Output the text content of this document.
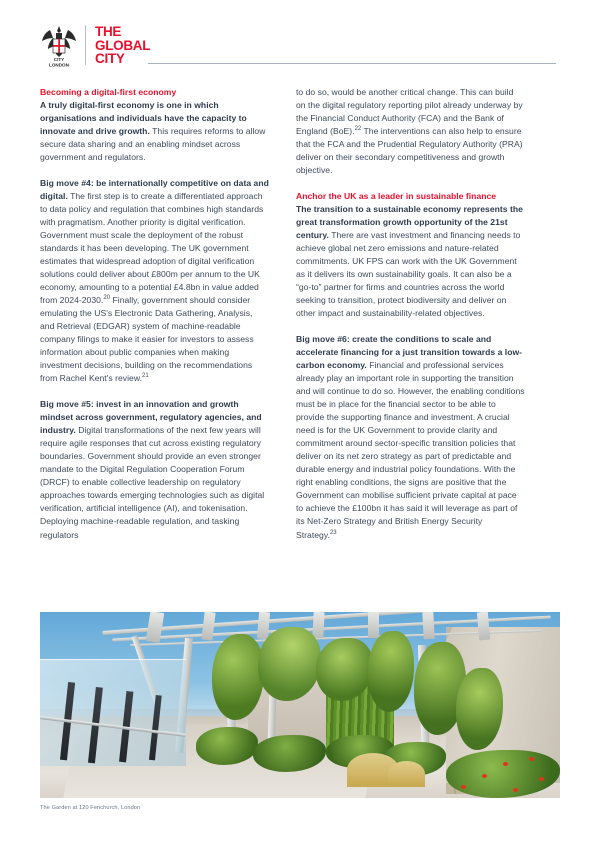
CITY
LONDON
THE
GLOBAL
CITY

Becoming a digital-first economy
A truly digital-first economy is one in which organisations and individuals have the capacity to innovate and drive growth. This requires reforms to allow secure data sharing and an enabling mindset across government and regulators.

Big move #4: be internationally competitive on data and digital. The first step is to create a differentiated approach to data policy and regulation that combines high standards with pragmatism. Another priority is digital verification. Government must scale the deployment of the robust standards it has been developing. The UK government estimates that widespread adoption of digital verification solutions could deliver about £800m per annum to the UK economy, amounting to a potential £4.8bn in value added from 2024-2030.20 Finally, government should consider emulating the US's Electronic Data Gathering, Analysis, and Retrieval (EDGAR) system of machine-readable company filings to make it easier for investors to assess information about public companies when making investment decisions, building on the recommendations from Rachel Kent's review.$^{21}$

Big move #5: invest in an innovation and growth mindset across government, regulatory agencies, and industry. Digital transformations of the next few years will require agile responses that cut across existing regulatory boundaries. Government should provide an even stronger mandate to the Digital Regulation Cooperation Forum (DRCF) to enable collective leadership on regulatory approaches towards emerging technologies such as digital verification, artificial intelligence (AI), and tokenisation. Deploying machine-readable regulation, and tasking regulators

to do so, would be another critical change. This can build on the digital regulatory reporting pilot already underway by the Financial Conduct Authority (FCA) and the Bank of England (BoE).$^{22}$ The interventions can also help to ensure that the FCA and the Prudential Regulatory Authority (PRA) deliver on their secondary competitiveness and growth objective.

Anchor the UK as a leader in sustainable finance
The transition to a sustainable economy represents the great transformation growth opportunity of the 21st century. There are vast investment and financing needs to achieve global net zero emissions and nature-related commitments. UK FPS can work with the UK Government as it delivers its own sustainability goals. It can also be a “go-to” partner for firms and countries across the world seeking to transition, protect biodiversity and deliver on other impact and sustainability-related objectives.

Big move #6: create the conditions to scale and accelerate financing for a just transition towards a low-carbon economy. Financial and professional services already play an important role in supporting the transition and will continue to do so. However, the enabling conditions must be in place for the financial sector to be able to provide the supporting finance and investment. A crucial need is for the UK Government to provide clarity and commitment around sector-specific transition policies that deliver on its net zero strategy as part of predictable and durable energy and industrial policy foundations. With the right enabling conditions, the signs are positive that the Government can mobilise sufficient private capital at pace to achieve the £100bn it has said it will leverage as part of its Net-Zero Strategy and British Energy Security Strategy.$^{23}$

The Garden at 120 Fenchurch, London
